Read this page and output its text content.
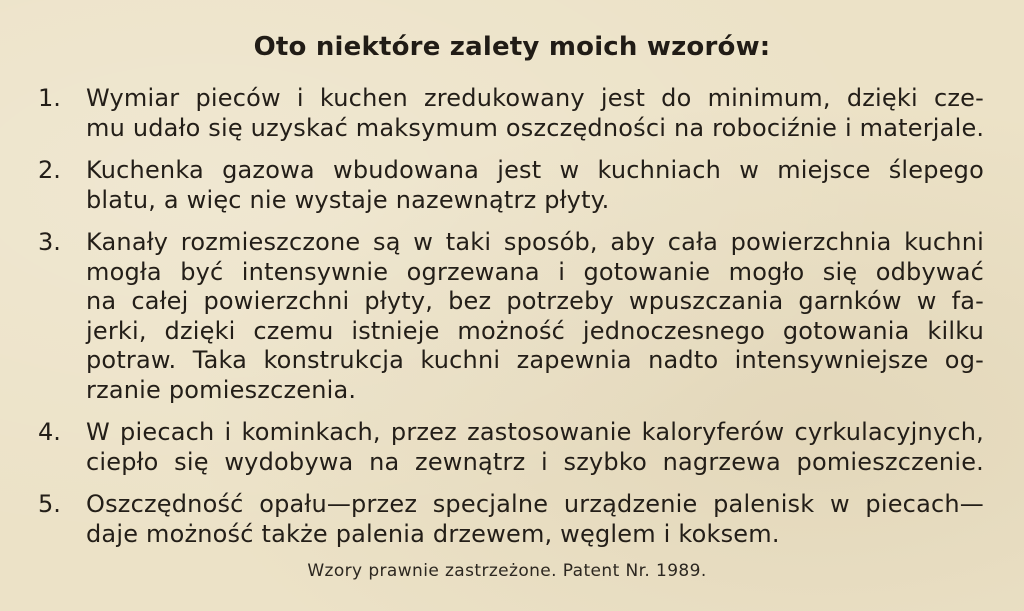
Oto niektóre zalety moich wzorów:
1.	Wymiar pieców i kuchen zredukowany jest do minimum, dzięki cze-
mu udało się uzyskać maksymum oszczędności na robociźnie i materjale.
2.	Kuchenka gazowa wbudowana jest w kuchniach w miejsce ślepego
blatu, a więc nie wystaje nazewnątrz płyty.
3.	Kanały rozmieszczone są w taki sposób, aby cała powierzchnia kuchni
mogła być intensywnie ogrzewana i gotowanie mogło się odbywać
na całej powierzchni płyty, bez potrzeby wpuszczania garnków w fa-
jerki, dzięki czemu istnieje możność jednoczesnego gotowania kilku
potraw. Taka konstrukcja kuchni zapewnia nadto intensywniejsze og-
rzanie pomieszczenia.
4.	W piecach i kominkach, przez zastosowanie kaloryferów cyrkulacyjnych,
ciepło się wydobywa na zewnątrz i szybko nagrzewa pomieszczenie.
5.	Oszczędność opału—przez specjalne urządzenie palenisk w piecach—
daje możność także palenia drzewem, węglem i koksem.
Wzory prawnie zastrzeżone. Patent Nr. 1989.
